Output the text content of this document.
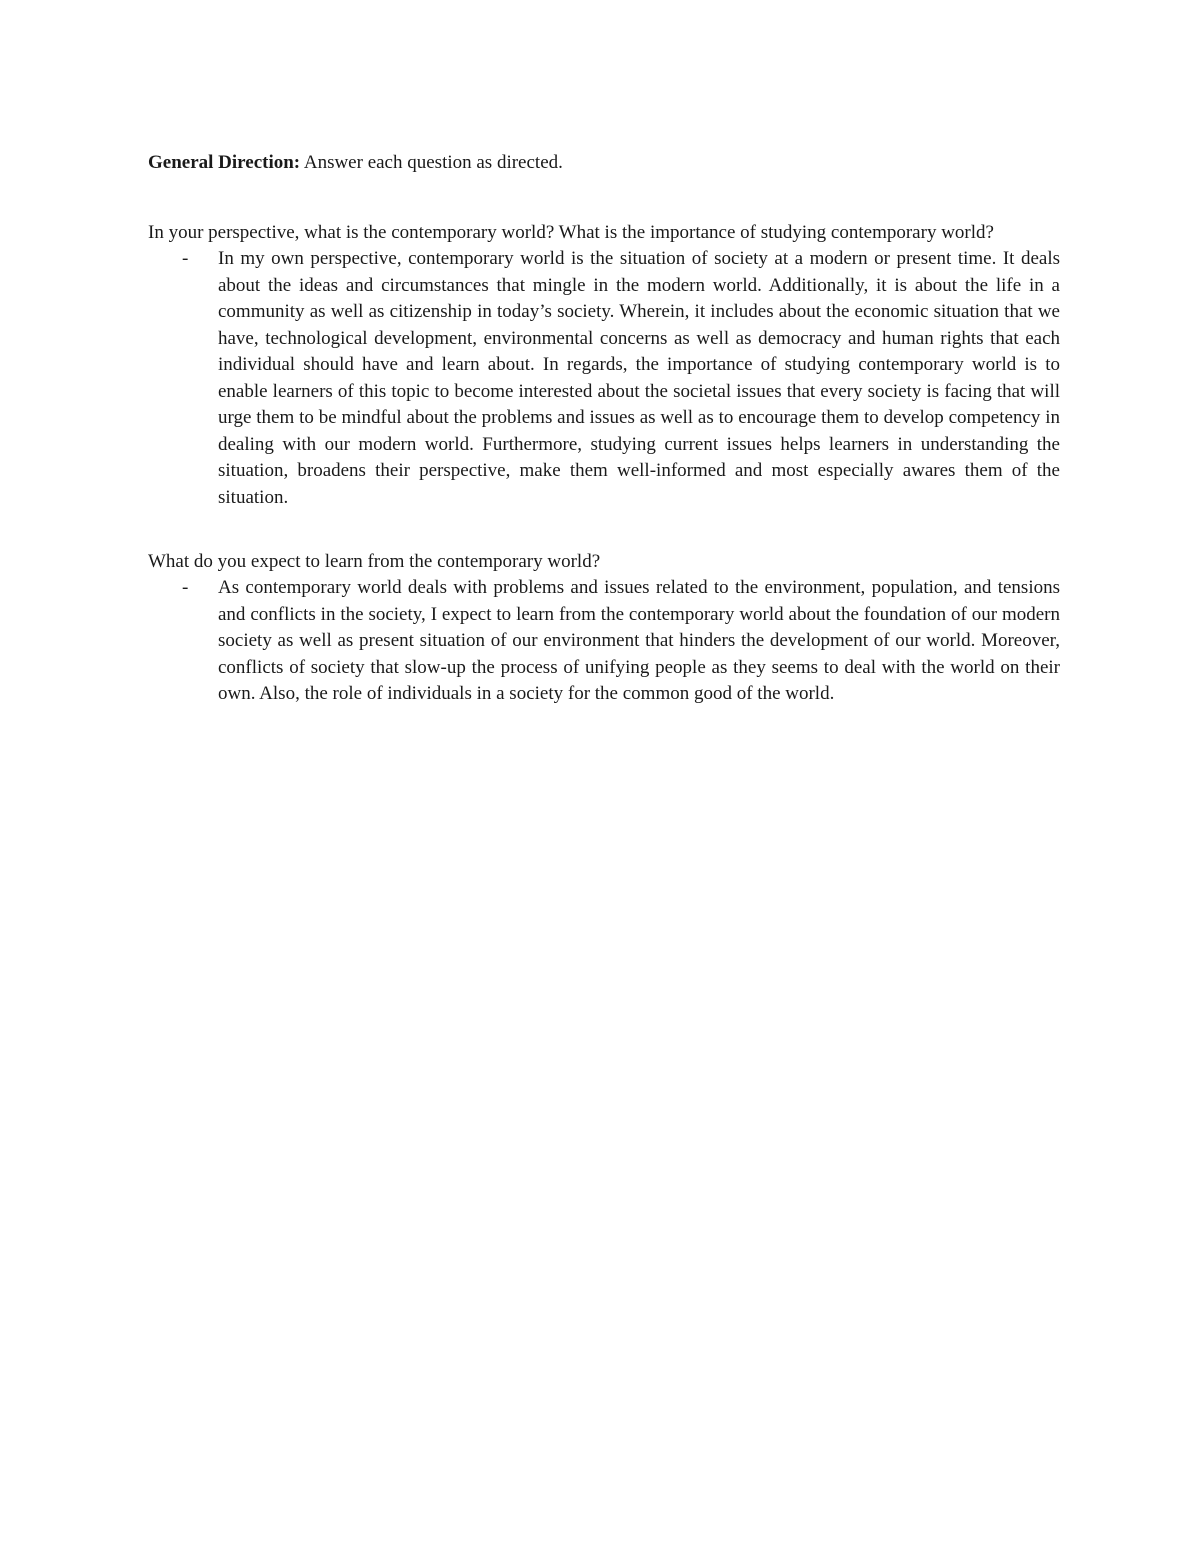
General Direction: Answer each question as directed.

In your perspective, what is the contemporary world? What is the importance of studying contemporary world?

-	In my own perspective, contemporary world is the situation of society at a modern or present time. It deals about the ideas and circumstances that mingle in the modern world. Additionally, it is about the life in a community as well as citizenship in today’s society. Wherein, it includes about the economic situation that we have, technological development, environmental concerns as well as democracy and human rights that each individual should have and learn about. In regards, the importance of studying contemporary world is to enable learners of this topic to become interested about the societal issues that every society is facing that will urge them to be mindful about the problems and issues as well as to encourage them to develop competency in dealing with our modern world. Furthermore, studying current issues helps learners in understanding the situation, broadens their perspective, make them well-informed and most especially awares them of the situation.

What do you expect to learn from the contemporary world?

-	As contemporary world deals with problems and issues related to the environment, population, and tensions and conflicts in the society, I expect to learn from the contemporary world about the foundation of our modern society as well as present situation of our environment that hinders the development of our world. Moreover, conflicts of society that slow-up the process of unifying people as they seems to deal with the world on their own. Also, the role of individuals in a society for the common good of the world.
